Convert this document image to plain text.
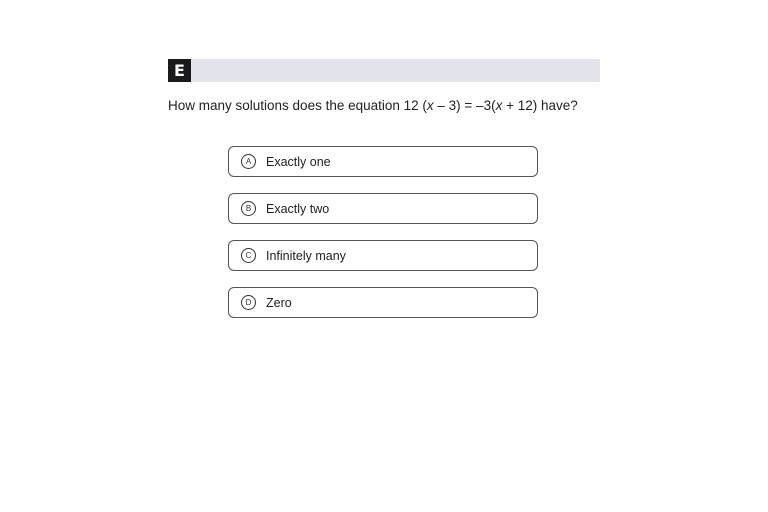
E
How many solutions does the equation 12 (x – 3) = –3(x + 12) have?
A	Exactly one
B	Exactly two
C	Infinitely many
D	Zero
